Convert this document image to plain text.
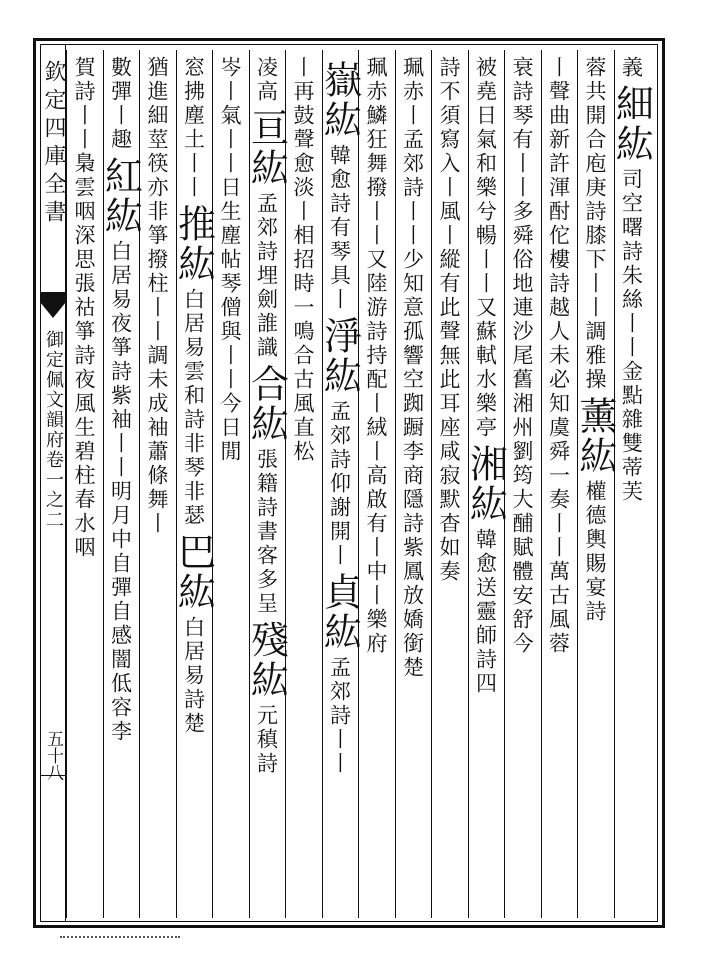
欽定四庫全書
御定佩文韻府卷一之二
五十八
義細紘司空曙詩朱絲丨丨金點雜雙蒂芙
蓉共開合庖庚詩膝下丨丨調雅操薰紘權德輿賜宴詩
丨聲曲新許渾酎佗樓詩越人未必知虞舜一奏丨丨萬古風蓉
衰詩琴有丨丨多舜俗地連沙尾舊湘州劉筠大酺賦體安舒今
被堯日氣和樂兮暢丨丨又蘇軾水樂亭湘紘韓愈送靈師詩四
詩不須寫入丨風丨縱有此聲無此耳座咸寂默杳如奏
珮赤丨孟郊詩丨丨少知意孤響空踟蹰李商隱詩紫鳳放嬌銜楚
珮赤鱗狂舞撥丨丨又陸游詩持配丨絨丨高啟有丨中丨樂府
嶽紘韓愈詩有琴具丨淨紘孟郊詩仰謝開丨貞紘孟郊詩丨丨
丨再鼓聲愈淡丨相招時一鳴合古風直松
凌高亘紘孟郊詩埋劍誰識合紘張籍詩書客多呈殘紘元稹詩
岑丨氣丨丨日生塵帖琴僧與丨丨今日閒
窓拂塵土丨丨推紘白居易雲和詩非琴非瑟巴紘白居易詩楚
猶進細莖筷亦非箏撥柱丨丨調未成袖蕭條舞丨
數彈丨趣紅紘白居易夜箏詩紫袖丨丨明月中自彈自感闇低容李
賀詩丨丨梟雲咽深思張祜箏詩夜風生碧柱春水咽
